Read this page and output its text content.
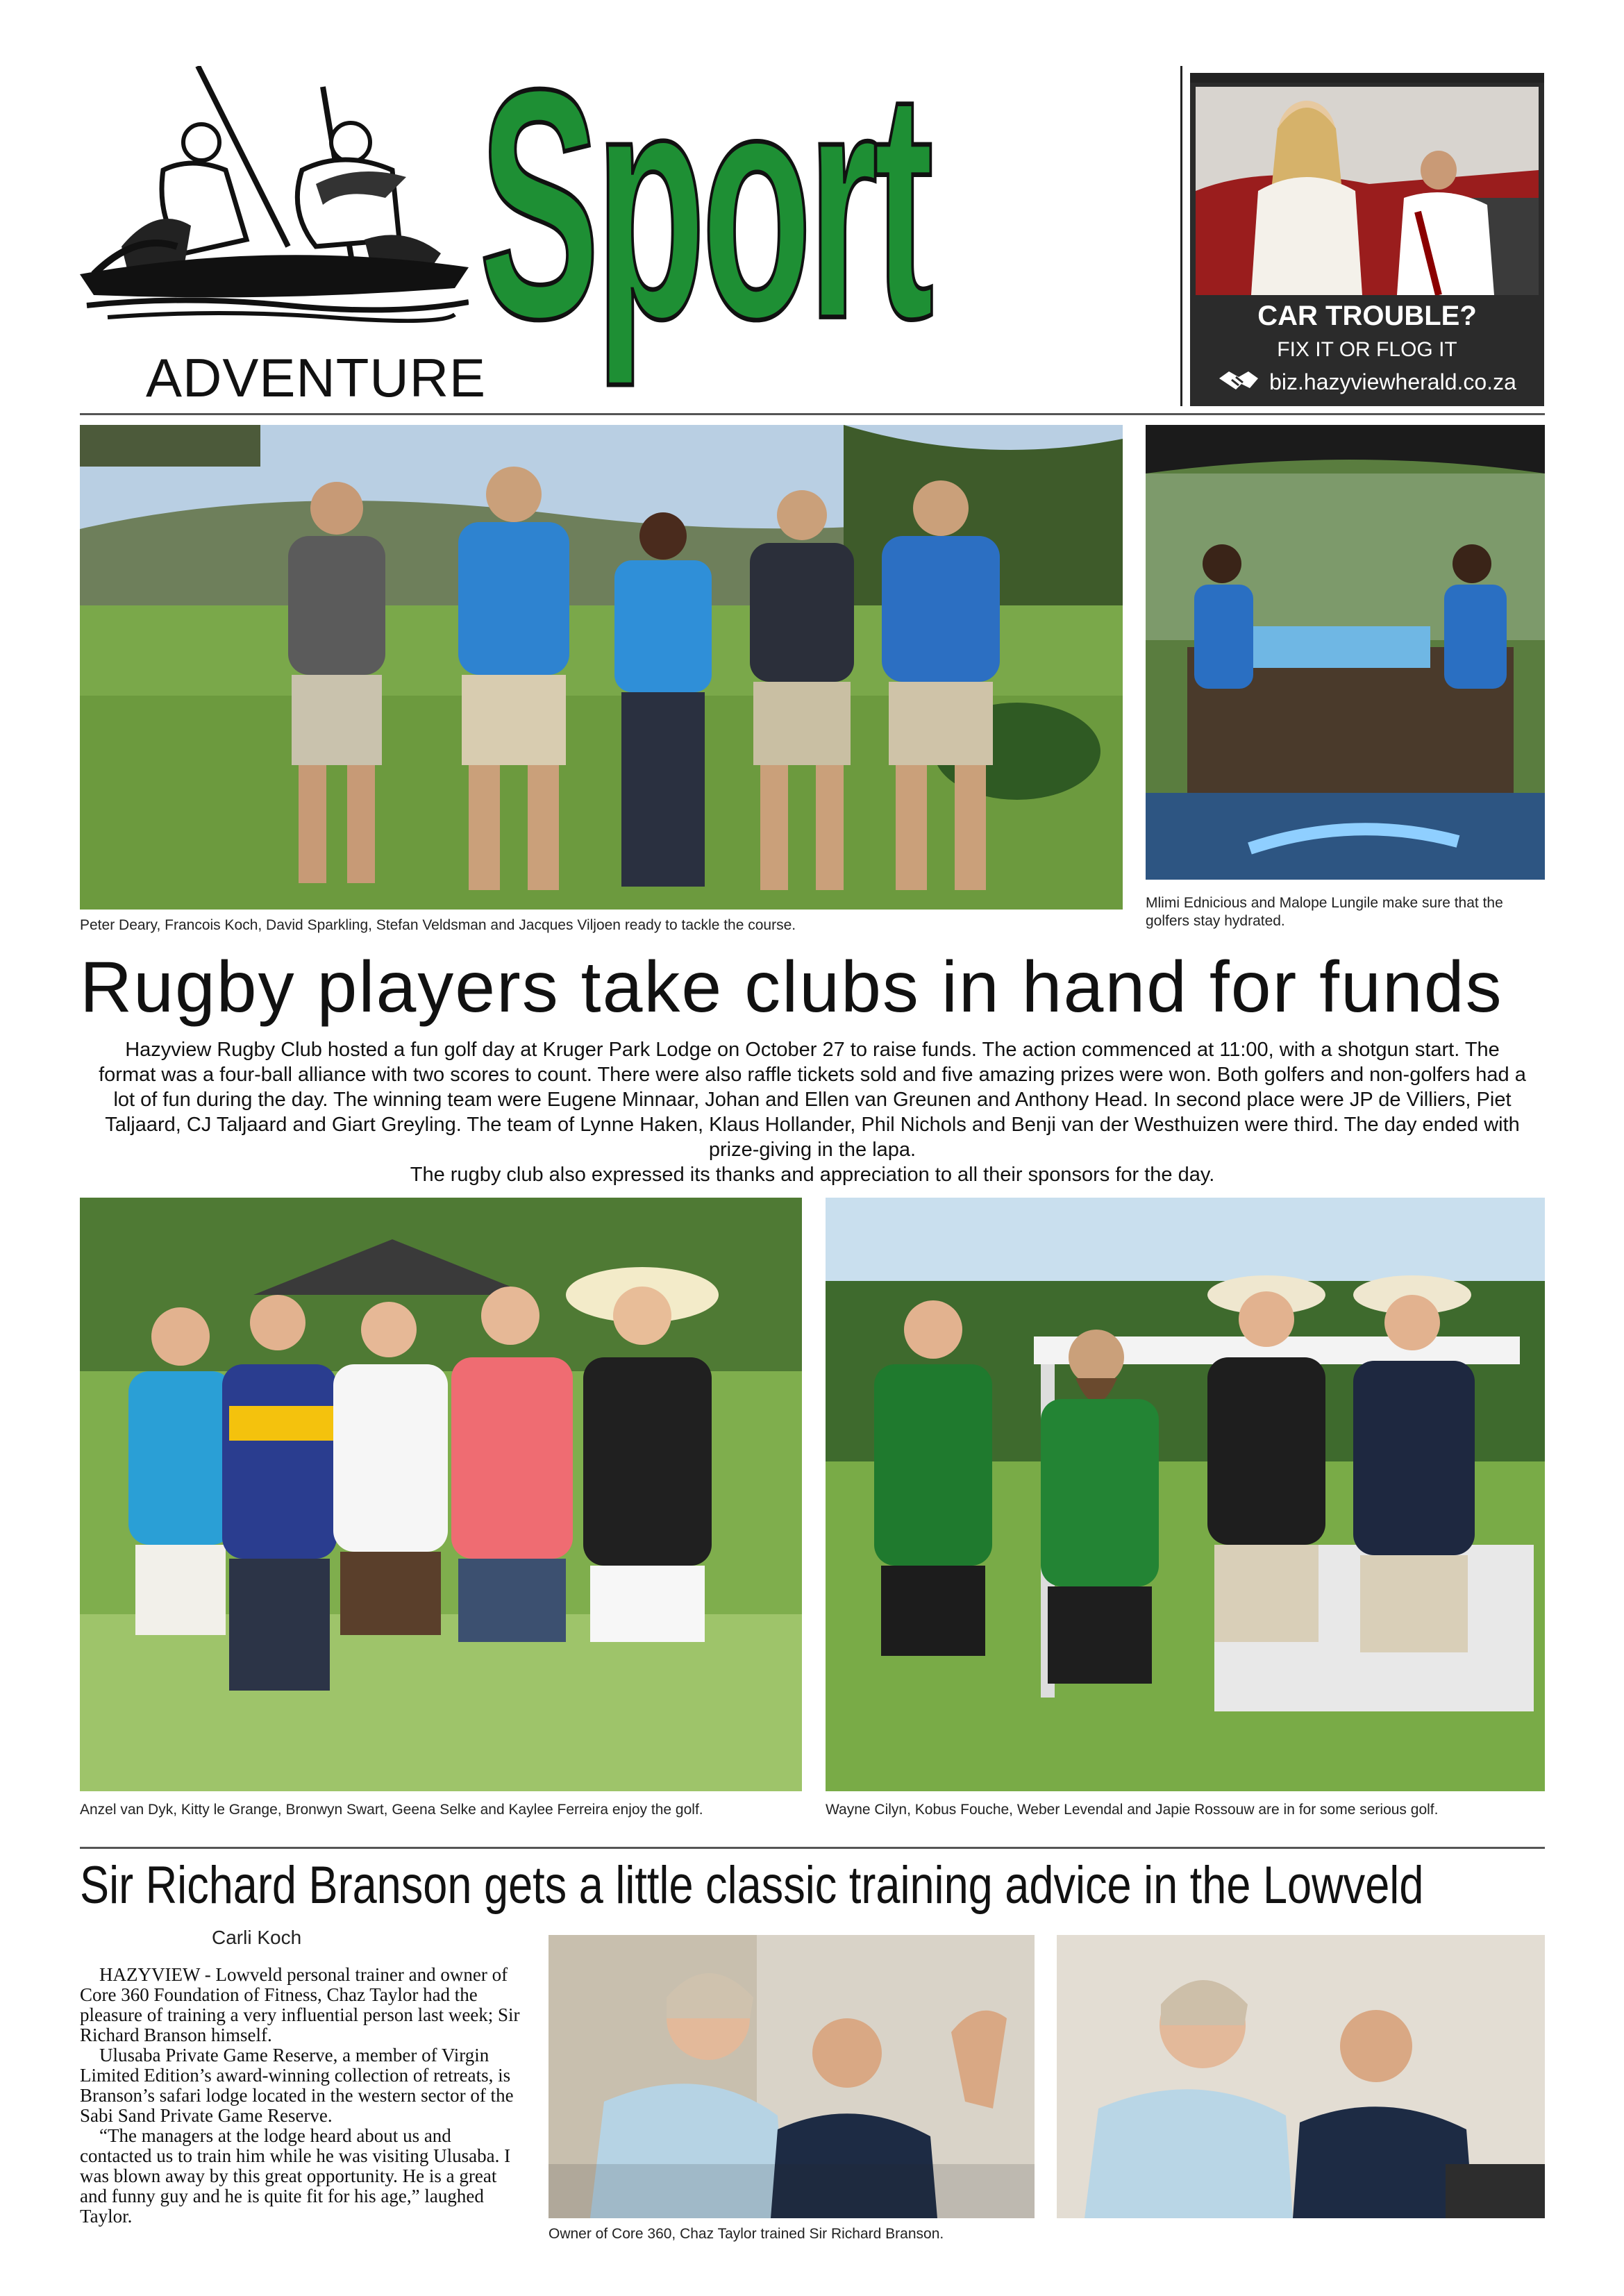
Sport
ADVENTURE
CAR TROUBLE?
FIX IT OR FLOG IT
biz.hazyviewherald.co.za
Peter Deary, Francois Koch, David Sparkling, Stefan Veldsman and Jacques Viljoen ready to tackle the course.
Mlimi Ednicious and Malope Lungile make sure that the golfers stay hydrated.
Rugby players take clubs in hand for funds

Hazyview Rugby Club hosted a fun golf day at Kruger Park Lodge on October 27 to raise funds. The action commenced at 11:00, with a shotgun start. The format was a four-ball alliance with two scores to count. There were also raffle tickets sold and five amazing prizes were won. Both golfers and non-golfers had a lot of fun during the day. The winning team were Eugene Minnaar, Johan and Ellen van Greunen and Anthony Head. In second place were JP de Villiers, Piet Taljaard, CJ Taljaard and Giart Greyling. The team of Lynne Haken, Klaus Hollander, Phil Nichols and Benji van der Westhuizen were third. The day ended with prize-giving in the lapa.

The rugby club also expressed its thanks and appreciation to all their sponsors for the day.

Anzel van Dyk, Kitty le Grange, Bronwyn Swart, Geena Selke and Kaylee Ferreira enjoy the golf.	Wayne Cilyn, Kobus Fouche, Weber Levendal and Japie Rossouw are in for some serious golf.
Sir Richard Branson gets a little classic training advice in the Lowveld
Carli Koch

HAZYVIEW - Lowveld personal trainer and owner of Core 360 Foundation of Fitness, Chaz Taylor had the pleasure of training a very influential person last week; Sir Richard Branson himself.

Ulusaba Private Game Reserve, a member of Virgin Limited Edition’s award-winning collection of retreats, is Branson’s safari lodge located in the western sector of the Sabi Sand Private Game Reserve.

“The managers at the lodge heard about us and contacted us to train him while he was visiting Ulusaba. I was blown away by this great opportunity. He is a great and funny guy and he is quite fit for his age,” laughed Taylor.

Owner of Core 360, Chaz Taylor trained Sir Richard Branson.
